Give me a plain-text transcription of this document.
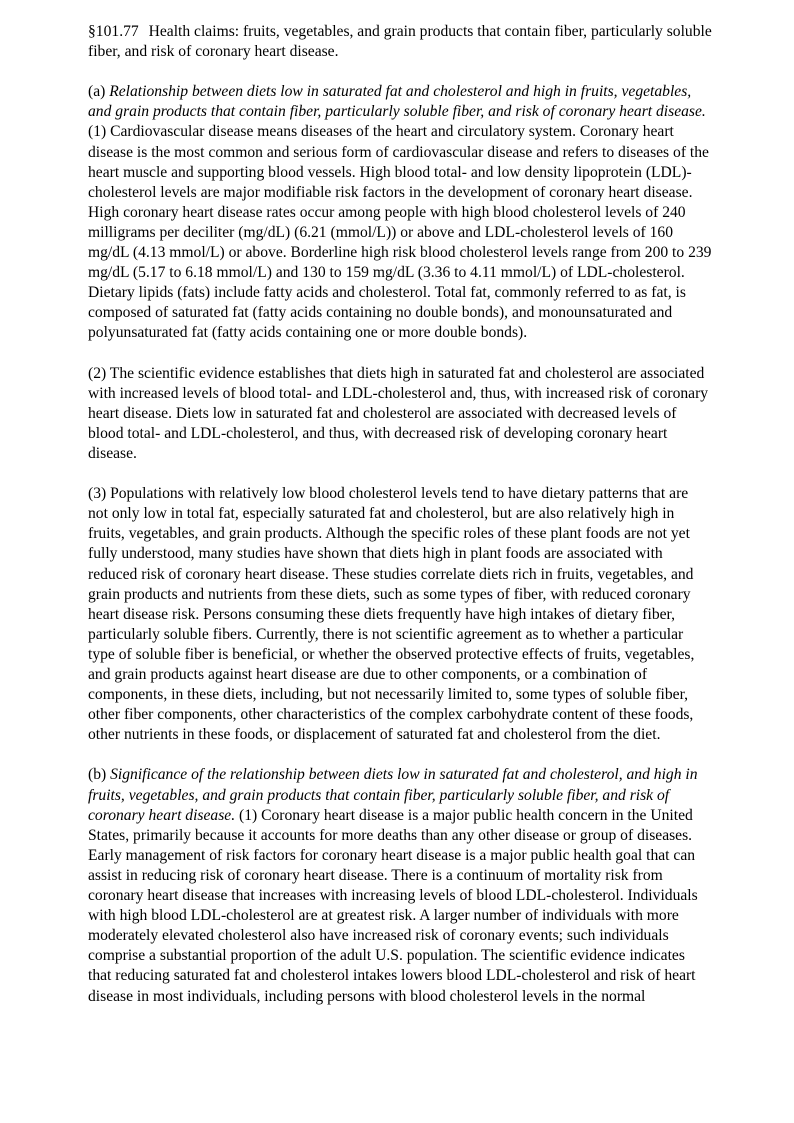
§101.77 Health claims: fruits, vegetables, and grain products that contain fiber, particularly soluble fiber, and risk of coronary heart disease.

(a) Relationship between diets low in saturated fat and cholesterol and high in fruits, vegetables, and grain products that contain fiber, particularly soluble fiber, and risk of coronary heart disease. (1) Cardiovascular disease means diseases of the heart and circulatory system. Coronary heart disease is the most common and serious form of cardiovascular disease and refers to diseases of the heart muscle and supporting blood vessels. High blood total- and low density lipoprotein (LDL)- cholesterol levels are major modifiable risk factors in the development of coronary heart disease. High coronary heart disease rates occur among people with high blood cholesterol levels of 240 milligrams per deciliter (mg/dL) (6.21 (mmol/L)) or above and LDL-cholesterol levels of 160 mg/dL (4.13 mmol/L) or above. Borderline high risk blood cholesterol levels range from 200 to 239 mg/dL (5.17 to 6.18 mmol/L) and 130 to 159 mg/dL (3.36 to 4.11 mmol/L) of LDL-cholesterol. Dietary lipids (fats) include fatty acids and cholesterol. Total fat, commonly referred to as fat, is composed of saturated fat (fatty acids containing no double bonds), and monounsaturated and polyunsaturated fat (fatty acids containing one or more double bonds).

(2) The scientific evidence establishes that diets high in saturated fat and cholesterol are associated with increased levels of blood total- and LDL-cholesterol and, thus, with increased risk of coronary heart disease. Diets low in saturated fat and cholesterol are associated with decreased levels of blood total- and LDL-cholesterol, and thus, with decreased risk of developing coronary heart disease.

(3) Populations with relatively low blood cholesterol levels tend to have dietary patterns that are not only low in total fat, especially saturated fat and cholesterol, but are also relatively high in fruits, vegetables, and grain products. Although the specific roles of these plant foods are not yet fully understood, many studies have shown that diets high in plant foods are associated with reduced risk of coronary heart disease. These studies correlate diets rich in fruits, vegetables, and grain products and nutrients from these diets, such as some types of fiber, with reduced coronary heart disease risk. Persons consuming these diets frequently have high intakes of dietary fiber, particularly soluble fibers. Currently, there is not scientific agreement as to whether a particular type of soluble fiber is beneficial, or whether the observed protective effects of fruits, vegetables, and grain products against heart disease are due to other components, or a combination of components, in these diets, including, but not necessarily limited to, some types of soluble fiber, other fiber components, other characteristics of the complex carbohydrate content of these foods, other nutrients in these foods, or displacement of saturated fat and cholesterol from the diet.

(b) Significance of the relationship between diets low in saturated fat and cholesterol, and high in fruits, vegetables, and grain products that contain fiber, particularly soluble fiber, and risk of coronary heart disease. (1) Coronary heart disease is a major public health concern in the United States, primarily because it accounts for more deaths than any other disease or group of diseases. Early management of risk factors for coronary heart disease is a major public health goal that can assist in reducing risk of coronary heart disease. There is a continuum of mortality risk from coronary heart disease that increases with increasing levels of blood LDL-cholesterol. Individuals with high blood LDL-cholesterol are at greatest risk. A larger number of individuals with more moderately elevated cholesterol also have increased risk of coronary events; such individuals comprise a substantial proportion of the adult U.S. population. The scientific evidence indicates that reducing saturated fat and cholesterol intakes lowers blood LDL-cholesterol and risk of heart disease in most individuals, including persons with blood cholesterol levels in the normal
